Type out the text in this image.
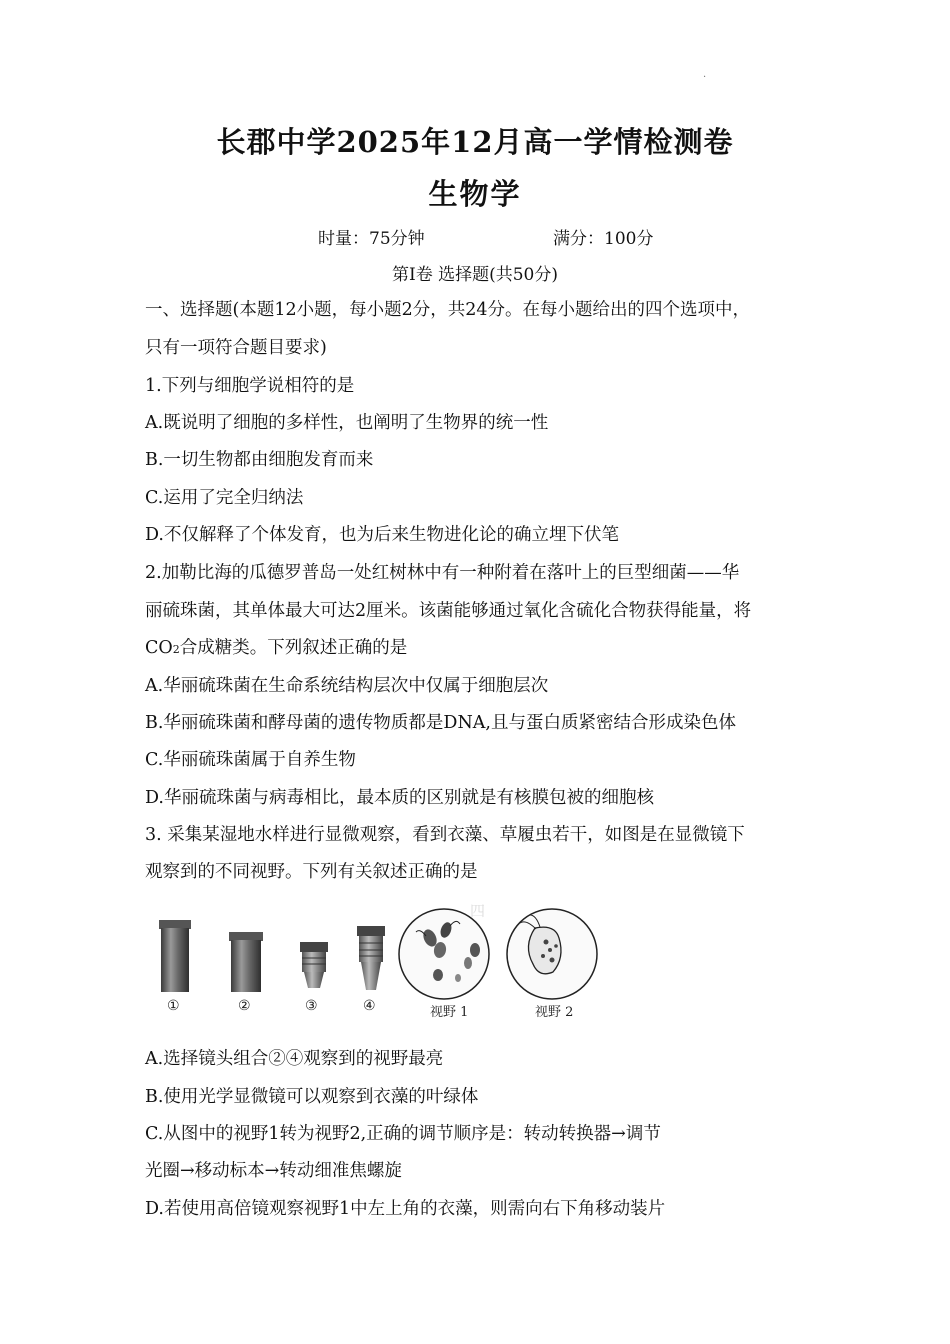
·
长郡中学2025年12月高一学情检测卷
生物学
时量：75分钟	满分：100分
第Ⅰ卷 选择题(共50分)
一、选择题(本题12小题，每小题2分，共24分。在每小题给出的四个选项中，
只有一项符合题目要求)
1.下列与细胞学说相符的是
A.既说明了细胞的多样性，也阐明了生物界的统一性
B.一切生物都由细胞发育而来
C.运用了完全归纳法
D.不仅解释了个体发育，也为后来生物进化论的确立埋下伏笔
2.加勒比海的瓜德罗普岛一处红树林中有一种附着在落叶上的巨型细菌——华
丽硫珠菌，其单体最大可达2厘米。该菌能够通过氧化含硫化合物获得能量，将
CO2合成糖类。下列叙述正确的是
A.华丽硫珠菌在生命系统结构层次中仅属于细胞层次
B.华丽硫珠菌和酵母菌的遗传物质都是DNA,且与蛋白质紧密结合形成染色体
C.华丽硫珠菌属于自养生物
D.华丽硫珠菌与病毒相比，最本质的区别就是有核膜包被的细胞核
3. 采集某湿地水样进行显微观察，看到衣藻、草履虫若干，如图是在显微镜下
观察到的不同视野。下列有关叙述正确的是
四
①	②	③	④	视野 1	视野 2
A.选择镜头组合②④观察到的视野最亮
B.使用光学显微镜可以观察到衣藻的叶绿体
C.从图中的视野1转为视野2,正确的调节顺序是：转动转换器→调节
光圈→移动标本→转动细准焦螺旋
D.若使用高倍镜观察视野1中左上角的衣藻，则需向右下角移动装片
